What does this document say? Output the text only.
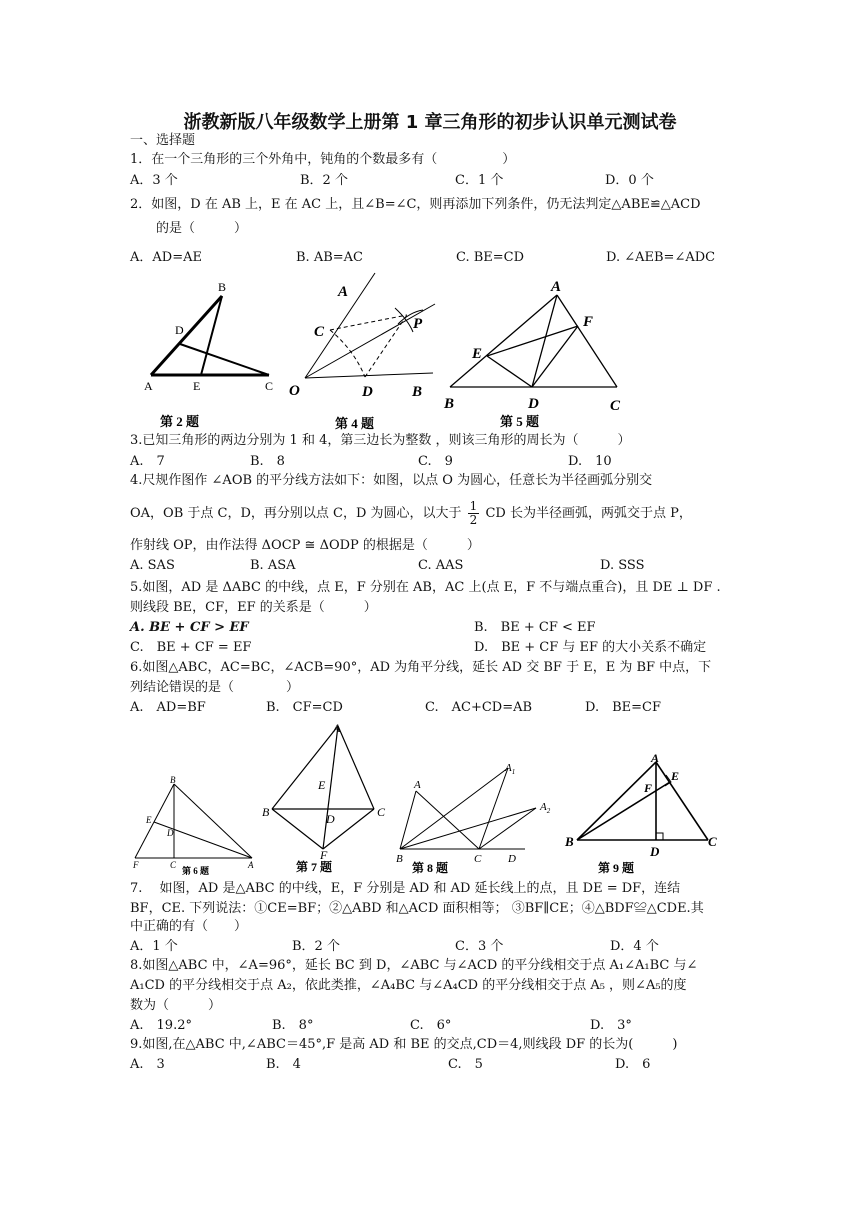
浙教新版八年级数学上册第 1 章三角形的初步认识单元测试卷
一、选择题
1．在一个三角形的三个外角中，钝角的个数最多有（　　　　　）
A．3 个	B．2 个	C．1 个	D．0 个
2．如图，D 在 AB 上，E 在 AC 上，且∠B=∠C，则再添加下列条件，仍无法判定△ABE≌△ACD
的是（　　　）
A．AD=AE	B. AB=AC	C. BE=CD	D. ∠AEB=∠ADC
B
D
A	E	C
第 2 题
A
C	P
O	D	B
第 4 题
A
F
E
B	D	C
第 5 题
3.已知三角形的两边分别为 1 和 4，第三边长为整数 ，则该三角形的周长为（　　　）
A.　7	B.　8	C.　9	D.　10
4.尺规作图作 ∠AOB 的平分线方法如下：如图，以点 O 为圆心，任意长为半径画弧分别交
OA，OB 于点 C，D，再分别以点 C，D 为圆心，以大于 $\frac{1}{2}$ CD 长为半径画弧，两弧交于点 P，
作射线 OP，由作法得 ΔOCP ≅ ΔODP 的根据是（　　　）
A. SAS	B. ASA	C. AAS	D. SSS
5.如图，AD 是 ΔABC 的中线，点 E，F 分别在 AB，AC 上(点 E，F 不与端点重合)，且 DE ⊥ DF .
则线段 BE，CF，EF 的关系是（　　　）
A. BE + CF > EF	B.　BE + CF < EF
C.　BE + CF = EF	D.　BE + CF 与 EF 的大小关系不确定
6.如图△ABC，AC=BC，∠ACB=90°，AD 为角平分线，延长 AD 交 BF 于 E，E 为 BF 中点，下
列结论错误的是（　　　　）
A.　AD=BF	B.　CF=CD	C.　AC+CD=AB	D.　BE=CF
B
E
D
F	C	A
第 6 题
A
E
B	C
D
F
第 7 题
A
$A_1$
$A_2$
B	C D
第 8 题
A
E
F
B
D
C
第 9 题
7.　 如图，AD 是△ABC 的中线，E，F 分别是 AD 和 AD 延长线上的点，且 DE = DF，连结
BF，CE. 下列说法：①CE=BF；②△ABD 和△ACD 面积相等； ③BF∥CE；④△BDF≌△CDE.其
中正确的有（　　）
A．1 个	B．2 个	C．3 个	D．4 个
8.如图△ABC 中，∠A=96°，延长 BC 到 D，∠ABC 与∠ACD 的平分线相交于点 A₁∠A₁BC 与∠
A₁CD 的平分线相交于点 A₂，依此类推，∠A₄BC 与∠A₄CD 的平分线相交于点 A₅ ，则∠A₅的度
数为（　　　）
A.　19.2°	B.　8°	C.　6°	D.　3°
9.如图,在△ABC 中,∠ABC＝45°,F 是高 AD 和 BE 的交点,CD＝4,则线段 DF 的长为(　　　)
A.　3	B.　4	C.　5	D.　6
